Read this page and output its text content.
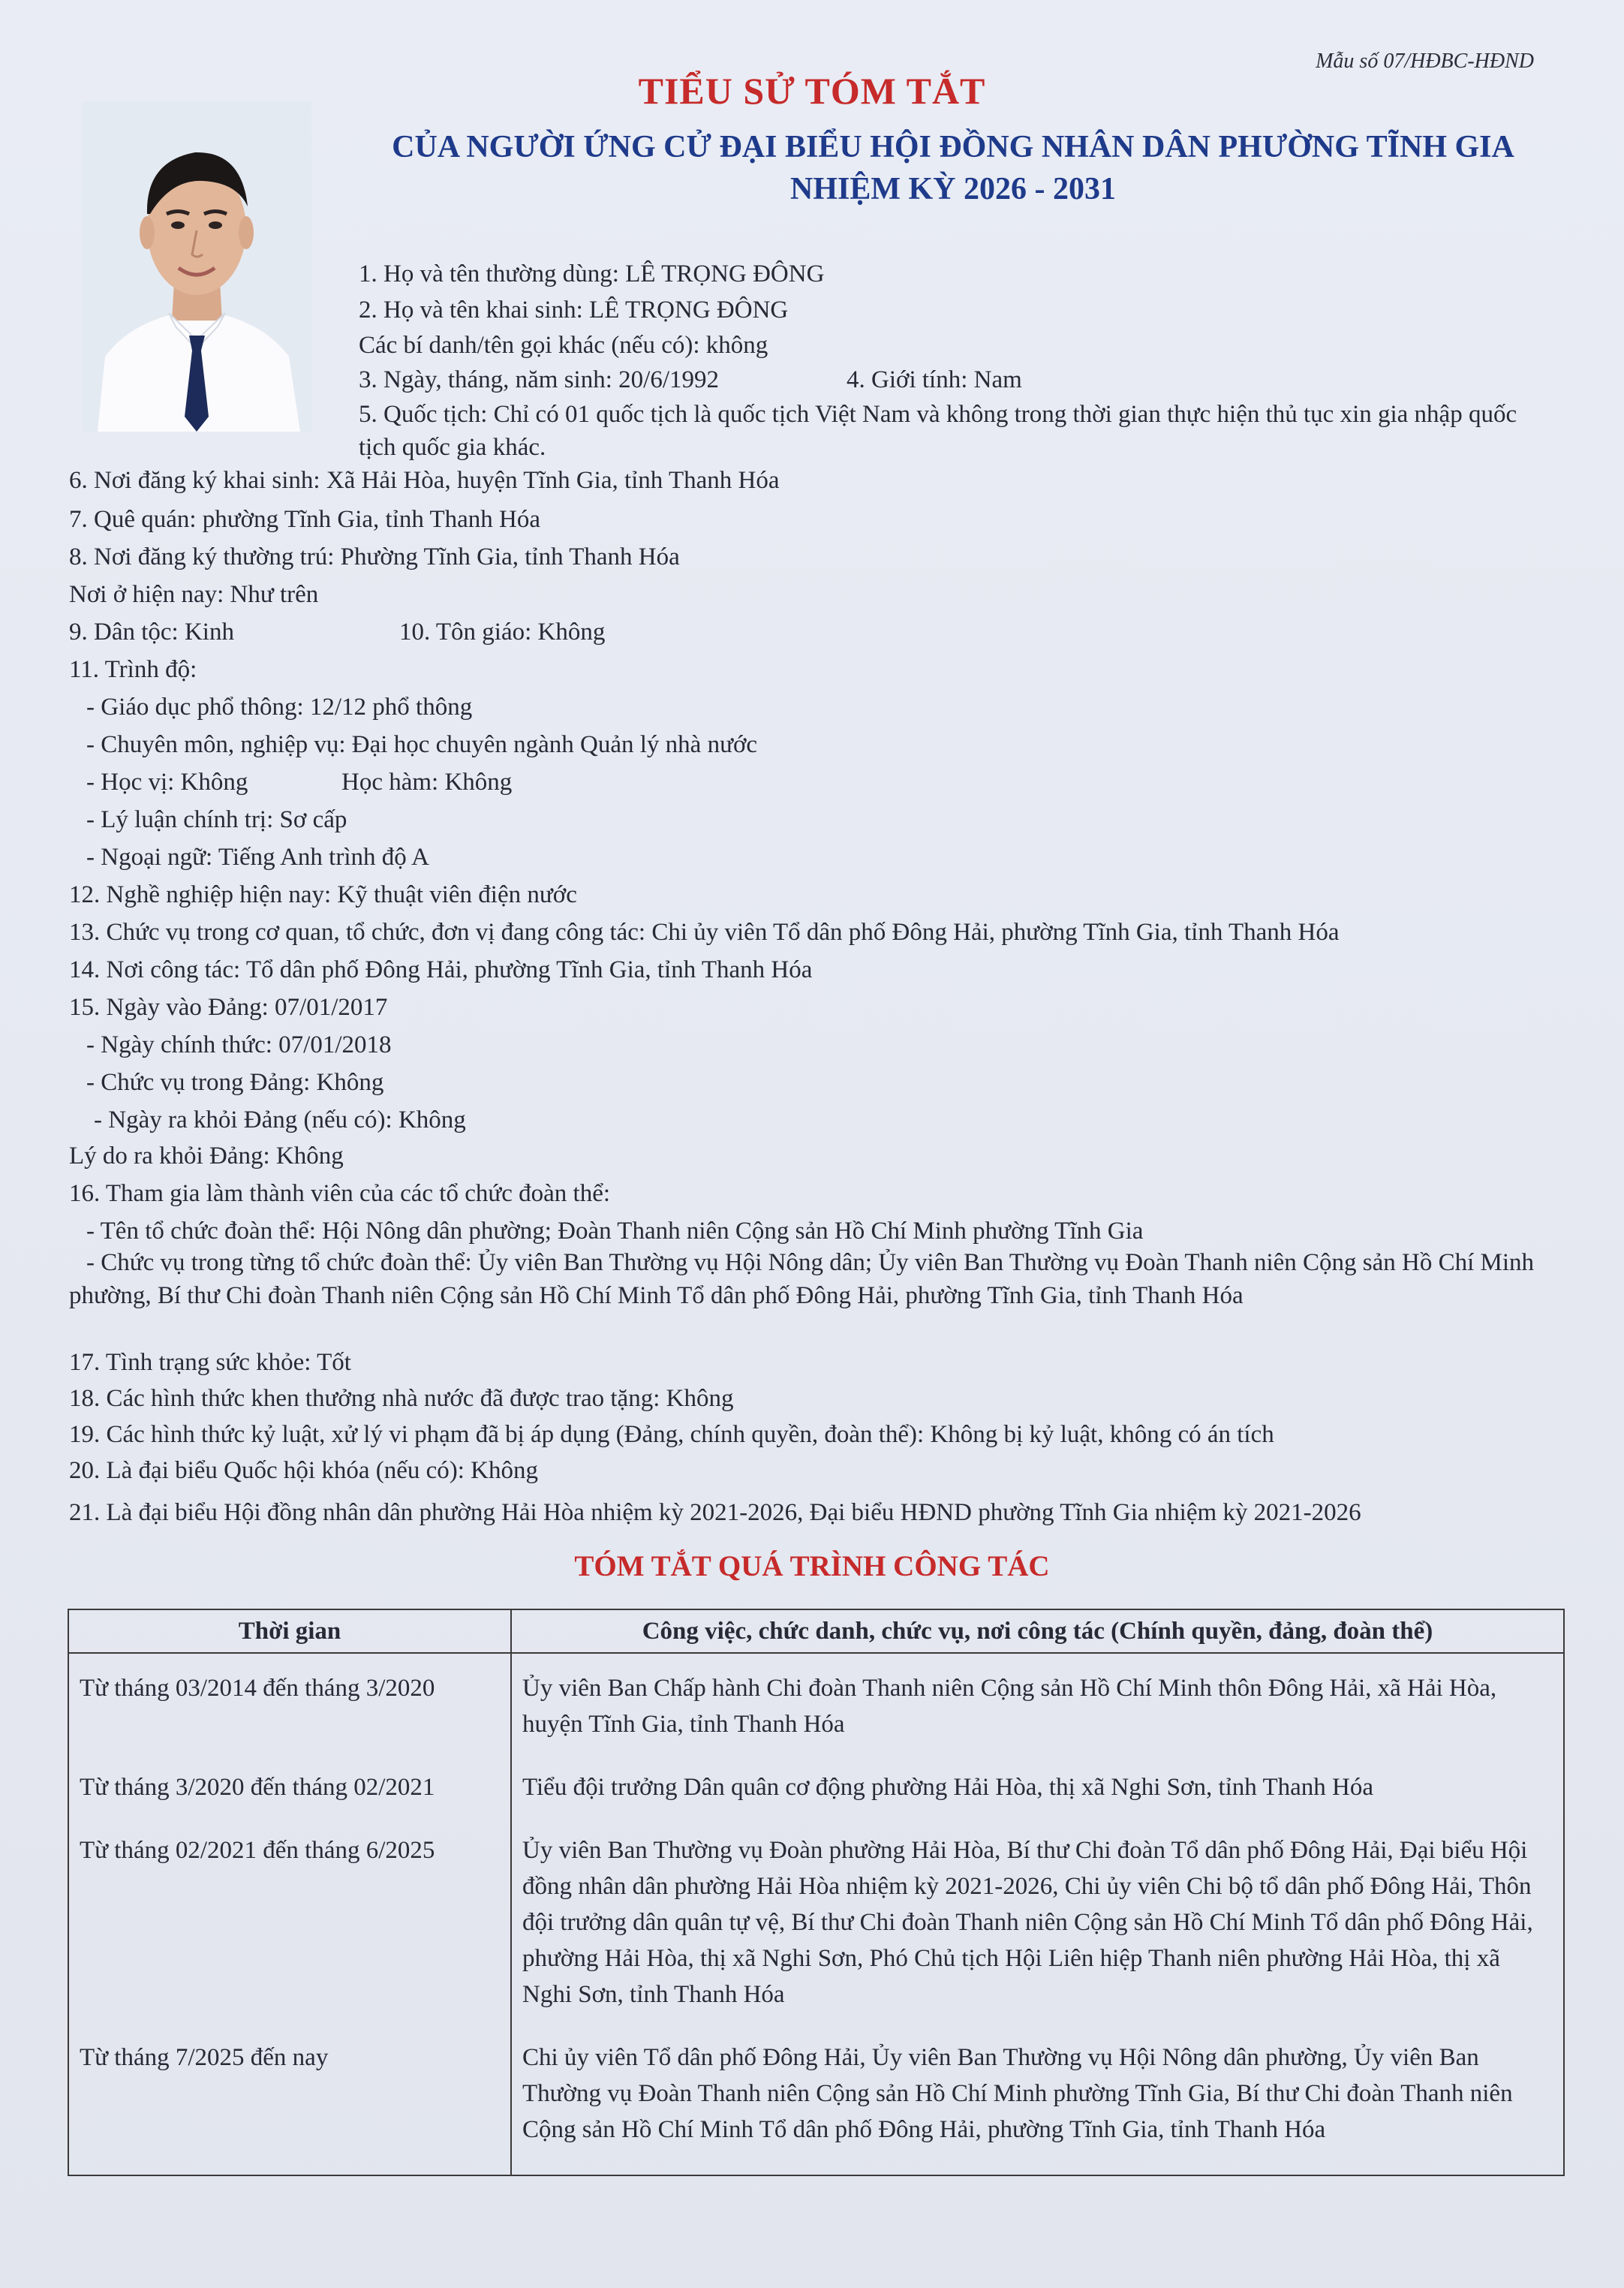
Mẫu số 07/HĐBC-HĐND
TIỂU SỬ TÓM TẮT
CỦA NGƯỜI ỨNG CỬ ĐẠI BIỂU HỘI ĐỒNG NHÂN DÂN PHƯỜNG TĨNH GIA
NHIỆM KỲ 2026 - 2031
1. Họ và tên thường dùng: LÊ TRỌNG ĐÔNG
2. Họ và tên khai sinh: LÊ TRỌNG ĐÔNG
Các bí danh/tên gọi khác (nếu có): không
3. Ngày, tháng, năm sinh: 20/6/1992	4. Giới tính: Nam
5. Quốc tịch: Chỉ có 01 quốc tịch là quốc tịch Việt Nam và không trong thời gian thực hiện thủ tục xin gia nhập quốc tịch quốc gia khác.
6. Nơi đăng ký khai sinh: Xã Hải Hòa, huyện Tĩnh Gia, tỉnh Thanh Hóa
7. Quê quán: phường Tĩnh Gia, tỉnh Thanh Hóa
8. Nơi đăng ký thường trú: Phường Tĩnh Gia, tỉnh Thanh Hóa
Nơi ở hiện nay: Như trên
9. Dân tộc: Kinh	10. Tôn giáo: Không
11. Trình độ:
- Giáo dục phổ thông: 12/12 phổ thông
- Chuyên môn, nghiệp vụ: Đại học chuyên ngành Quản lý nhà nước
- Học vị: Không	Học hàm: Không
- Lý luận chính trị: Sơ cấp
- Ngoại ngữ: Tiếng Anh trình độ A
12. Nghề nghiệp hiện nay: Kỹ thuật viên điện nước
13. Chức vụ trong cơ quan, tổ chức, đơn vị đang công tác: Chi ủy viên Tổ dân phố Đông Hải, phường Tĩnh Gia, tỉnh Thanh Hóa
14. Nơi công tác: Tổ dân phố Đông Hải, phường Tĩnh Gia, tỉnh Thanh Hóa
15. Ngày vào Đảng: 07/01/2017
- Ngày chính thức: 07/01/2018
- Chức vụ trong Đảng: Không
- Ngày ra khỏi Đảng (nếu có): Không
Lý do ra khỏi Đảng: Không
16. Tham gia làm thành viên của các tổ chức đoàn thể:
- Tên tổ chức đoàn thể: Hội Nông dân phường; Đoàn Thanh niên Cộng sản Hồ Chí Minh phường Tĩnh Gia
- Chức vụ trong từng tổ chức đoàn thể: Ủy viên Ban Thường vụ Hội Nông dân; Ủy viên Ban Thường vụ Đoàn Thanh niên Cộng sản Hồ Chí Minh phường, Bí thư Chi đoàn Thanh niên Cộng sản Hồ Chí Minh Tổ dân phố Đông Hải, phường Tĩnh Gia, tỉnh Thanh Hóa
17. Tình trạng sức khỏe: Tốt
18. Các hình thức khen thưởng nhà nước đã được trao tặng: Không
19. Các hình thức kỷ luật, xử lý vi phạm đã bị áp dụng (Đảng, chính quyền, đoàn thể): Không bị kỷ luật, không có án tích
20. Là đại biểu Quốc hội khóa (nếu có): Không
21. Là đại biểu Hội đồng nhân dân phường Hải Hòa nhiệm kỳ 2021-2026, Đại biểu HĐND phường Tĩnh Gia nhiệm kỳ 2021-2026
TÓM TẮT QUÁ TRÌNH CÔNG TÁC
Thời gian	Công việc, chức danh, chức vụ, nơi công tác (Chính quyền, đảng, đoàn thể)
Từ tháng 03/2014 đến tháng 3/2020	Ủy viên Ban Chấp hành Chi đoàn Thanh niên Cộng sản Hồ Chí Minh thôn Đông Hải, xã Hải Hòa, huyện Tĩnh Gia, tỉnh Thanh Hóa
Từ tháng 3/2020 đến tháng 02/2021	Tiểu đội trưởng Dân quân cơ động phường Hải Hòa, thị xã Nghi Sơn, tỉnh Thanh Hóa
Từ tháng 02/2021 đến tháng 6/2025	Ủy viên Ban Thường vụ Đoàn phường Hải Hòa, Bí thư Chi đoàn Tổ dân phố Đông Hải, Đại biểu Hội đồng nhân dân phường Hải Hòa nhiệm kỳ 2021-2026, Chi ủy viên Chi bộ tổ dân phố Đông Hải, Thôn đội trưởng dân quân tự vệ, Bí thư Chi đoàn Thanh niên Cộng sản Hồ Chí Minh Tổ dân phố Đông Hải, phường Hải Hòa, thị xã Nghi Sơn, Phó Chủ tịch Hội Liên hiệp Thanh niên phường Hải Hòa, thị xã Nghi Sơn, tỉnh Thanh Hóa
Từ tháng 7/2025 đến nay	Chi ủy viên Tổ dân phố Đông Hải, Ủy viên Ban Thường vụ Hội Nông dân phường, Ủy viên Ban Thường vụ Đoàn Thanh niên Cộng sản Hồ Chí Minh phường Tĩnh Gia, Bí thư Chi đoàn Thanh niên Cộng sản Hồ Chí Minh Tổ dân phố Đông Hải, phường Tĩnh Gia, tỉnh Thanh Hóa
